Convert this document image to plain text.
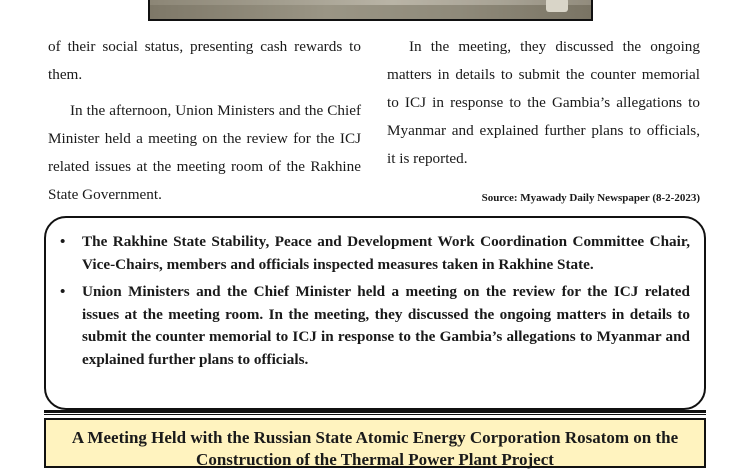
of their social status, presenting cash rewards to them.

In the afternoon, Union Ministers and the Chief Minister held a meeting on the review for the ICJ related issues at the meeting room of the Rakhine State Government.

In the meeting, they discussed the ongoing matters in details to submit the counter memorial to ICJ in response to the Gambia’s allegations to Myanmar and explained further plans to officials, it is reported.

Source: Myawady Daily Newspaper (8-2-2023)
• The Rakhine State Stability, Peace and Development Work Coordination Committee Chair, Vice-Chairs, members and officials inspected measures taken in Rakhine State.
• Union Ministers and the Chief Minister held a meeting on the review for the ICJ related issues at the meeting room. In the meeting, they discussed the ongoing matters in details to submit the counter memorial to ICJ in response to the Gambia’s allegations to Myanmar and explained further plans to officials.
A Meeting Held with the Russian State Atomic Energy Corporation Rosatom on the Construction of the Thermal Power Plant Project
